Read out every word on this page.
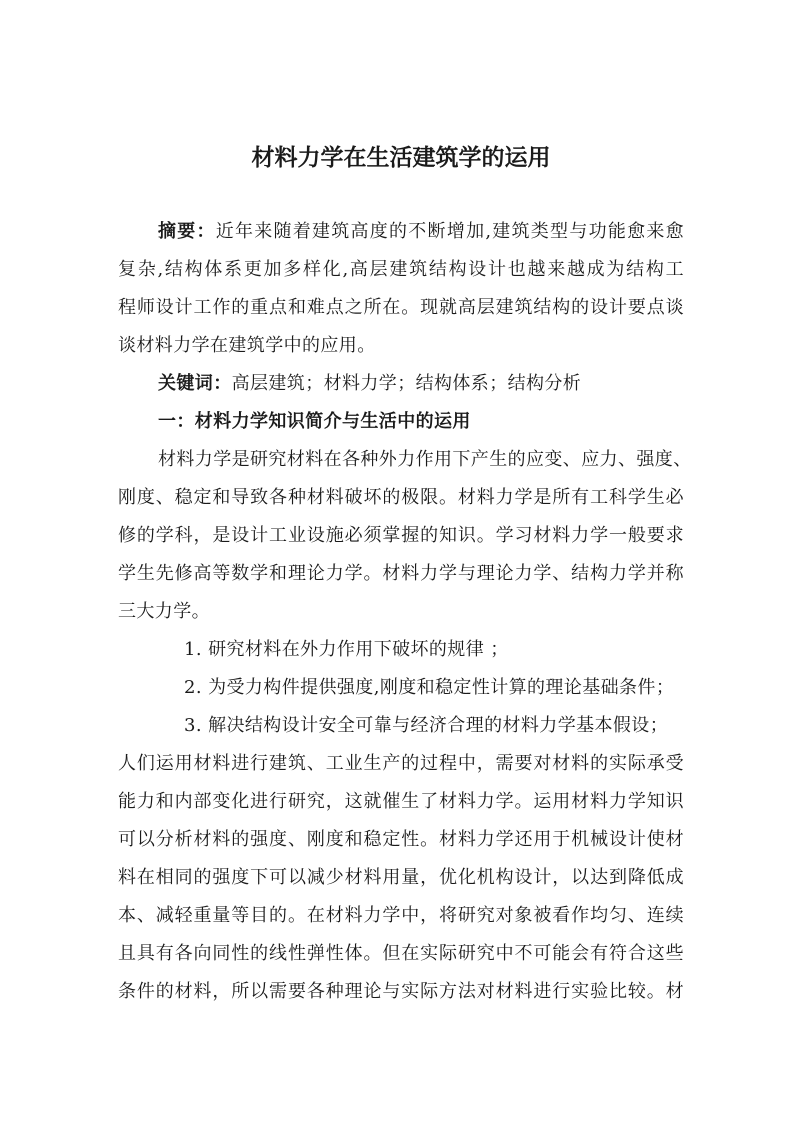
材料力学在生活建筑学的运用
摘要：近年来随着建筑高度的不断增加,建筑类型与功能愈来愈
复杂,结构体系更加多样化,高层建筑结构设计也越来越成为结构工
程师设计工作的重点和难点之所在。现就高层建筑结构的设计要点谈
谈材料力学在建筑学中的应用。
关键词：高层建筑；材料力学；结构体系；结构分析
一：材料力学知识简介与生活中的运用
材料力学是研究材料在各种外力作用下产生的应变、应力、强度、
刚度、稳定和导致各种材料破坏的极限。材料力学是所有工科学生必
修的学科，是设计工业设施必须掌握的知识。学习材料力学一般要求
学生先修高等数学和理论力学。材料力学与理论力学、结构力学并称
三大力学。
1. 研究材料在外力作用下破坏的规律 ；
2. 为受力构件提供强度,刚度和稳定性计算的理论基础条件；
3. 解决结构设计安全可靠与经济合理的材料力学基本假设；
人们运用材料进行建筑、工业生产的过程中，需要对材料的实际承受
能力和内部变化进行研究，这就催生了材料力学。运用材料力学知识
可以分析材料的强度、刚度和稳定性。材料力学还用于机械设计使材
料在相同的强度下可以减少材料用量，优化机构设计，以达到降低成
本、减轻重量等目的。在材料力学中，将研究对象被看作均匀、连续
且具有各向同性的线性弹性体。但在实际研究中不可能会有符合这些
条件的材料，所以需要各种理论与实际方法对材料进行实验比较。材
